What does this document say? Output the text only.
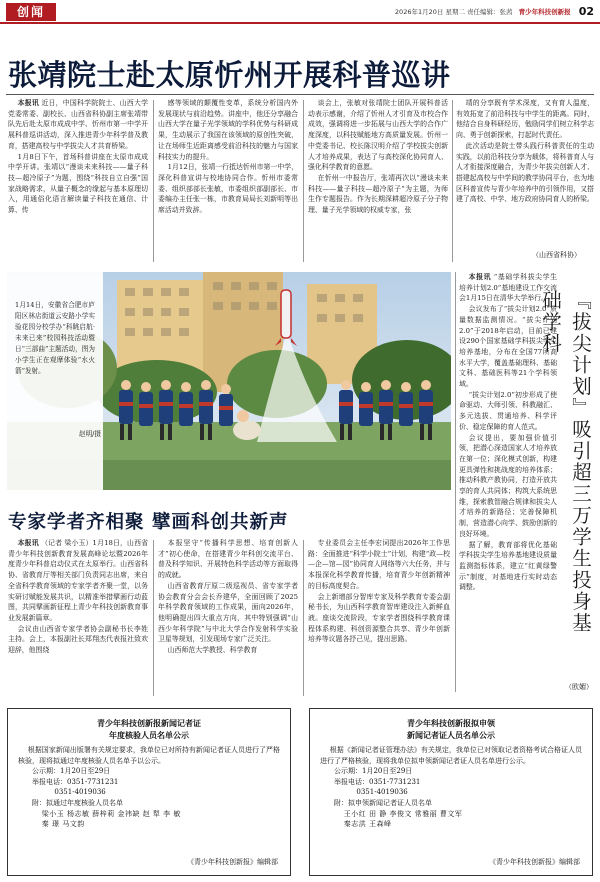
创闻	2026年1月20日 星期二 责任编辑：张茜 青少年科技创新报 02
张靖院士赴太原忻州开展科普巡讲

本报讯 近日，中国科学院院士、山西大学党委常委、副校长、山西省科协副主席张靖带队先后赴太原市成成中学、忻州市第一中学开展科普巡讲活动，深入推进青少年科学普及教育，搭建高校与中学拔尖人才共育桥梁。

1月8日下午，首场科普讲座在太原市成成中学开讲。张靖以“漫谈未来科技——量子科技—超冷原子”为题，围绕“科技自立自强”国家战略需求，从量子概念的缘起与基本原理切入，用通俗化语言解读量子科技在通信、计算、传

感等领域的颠覆性变革，系统分析国内外发展现状与前沿趋势。讲座中，他还分享融合山西大学在量子光学领域的学科优势与科研成果，生动展示了我国在该领域的原创性突破，让在场师生近距离感受前沿科技的魅力与国家科技实力的提升。

1月12日，张靖一行抵达忻州市第一中学，深化科普宣讲与校地协同合作。忻州市委常委、组织部部长张敏，市委组织部副部长、市委编办主任张一栋，市教育局局长刘新明等出席活动并致辞。

谈会上，张敏对张靖院士团队开展科普活动表示感谢，介绍了忻州人才引育及市校合作成效，强调将进一步拓展与山西大学的合作广度深度，以科技赋能地方高质量发展。忻州一中党委书记、校长陈汉明介绍了学校拔尖创新人才培养成果，表达了与高校深化协同育人、强化科学教育的意愿。

在忻州一中报告厅，张靖再次以“漫谈未来科技——量子科技—超冷原子”为主题，为师生作专题报告。作为长期深耕超冷原子分子物理、量子光学领域的权威专家，张

靖的分享既有学术深度，又有育人温度，有效拓宽了前沿科技与中学生的距离。同时，他结合自身科研经历，勉励同学们树立科学志向、勇于创新探索，打起时代责任。

此次活动是院士带头践行科普责任的生动实践，以前沿科技分享为载体，将科普育人与人才衔接深度融合，为青少年拔尖创新人才、搭建起高校与中学间的教学协同平台，也为地区科普宣传与青少年培养中的引领作用，又搭建了高校、中学、地方政府协同育人的桥梁。

（山西省科协）
1月14日，安徽省合肥市庐阳区林店街道云安路小学实验花园分校学办“科眺启航·未来已来”校园科技活动暨日“三部曲”主题活动，图为小学生正在观摩体验“水火箭”发射。
赵明/摄

本报讯 “基础学科拔尖学生培养计划2.0”基地建设工作交流会1月15日在清华大学举行。

会议发布了“拔尖计划2.0”质量数据监测情况。“拔尖计划2.0”于2018年启动，目前已建设290个国家基础学科拔尖学生培养基地，分布在全国77所高水平大学，覆盖基础理科、基础文科、基础医科等21个学科领域。

“拔尖计划2.0”初步形成了使命驱动、大师引领、科教融汇、多元选拔、贯通培养、科学评价、稳定保障的育人范式。

会议提出，要加强价值引领，把潜心深造国家人才培养放在第一位；深化模式创新，构建更具弹性和挑战度的培养体系；推动科教产教协同，打造开放共享的育人共同体；构筑大系统思维，探索教智融合规律和拔尖人才培养的新路径；完善保障机制，营造潜心向学、鼓励创新的良好环境。

据了解，教育部将优化基础学科拔尖学生培养基地建设质量监测指标体系，建立“红黄绿警示”制度，对基地进行实时动态调整。	『拔尖计划』吸引超三万学生投身基础学科
（欧媚）
专家学者齐相聚 擘画科创共新声

本报讯 （记者 梁小玉）1月18日，山西省青少年科技创新教育发展高峰论坛暨2026年度青少年科普启动仪式在太原举行。山西省科协、省教育厅等相关部门负责同志出席，来自全省科学教育领域的专家学者齐聚一堂，以务实研讨赋能发展共识，以精准举措擘画行动蓝图，共同擘画新征程上青少年科技创新教育事业发展新篇章。

会议由山西省专家学者协会副秘书长李姓主持。会上，本报副社长郑翔杰代表报社致欢迎辞，他围绕

本报坚守“传播科学思想、培育创新人才”初心使命，在搭建青少年科创交流平台、普及科学知识、开展特色科学活动等方面取得的成就。

山西省教育厅原二级巡视员、省专家学者协会教育分会会长乔建华，全面回顾了2025年科学教育领域的工作成果，面向2026年，他明确提出四大重点方向，其中特别强调“山西少年科学院”与中北大学合作发射科学实验卫星等规划，引发现场专家广泛关注。

山西师范大学教授、科学教育

专业委员会主任李宏词提出2026年工作思路：全面推进“科学小院士”计划，构建“政—校—企—馆—园”协同育人网络等六大任务，并与本报深化科学教育传播，培育青少年创新精神的目标高度契合。

会上新增部分智库专家及科学教育专委会副秘书长，为山西科学教育智库建设注入新鲜血液。座谈交流阶段，专家学者围绕科学教育课程体系构建、科创资源整合共享、青少年创新培养等议题各抒己见，提出思路。

青少年科技创新报新闻记者证
年度核验人员名单公示

根据国家新闻出版署有关规定要求，我单位已对所持有新闻记者证人员进行了严格核验，现将拟通过年度核验人员名单予以公示。

公示期：1月20日至29日
举报电话：0351-7731231
0351-4019036
附：拟通过年度核验人员名单
梁小玉 杨志敏 薛梓莉 金祎缺 赵 犁 李 敏
秦 璟 马文韵
《青少年科技创新报》编辑部
青少年科技创新报拟申领
新闻记者证人员名单公示

根据《新闻记者证管理办法》有关规定，我单位已对领取记者资格考试合格证人员进行了严格核验，现将我单位拟申领新闻记者证人员名单进行公示。

公示期：1月20日至29日
举报电话：0351-7731231
0351-4019036
附：拟申领新闻记者证人员名单
王小红 田 静 李俊文 常雅丽 曹文军
秦志洪 王森峰
《青少年科技创新报》编辑部
